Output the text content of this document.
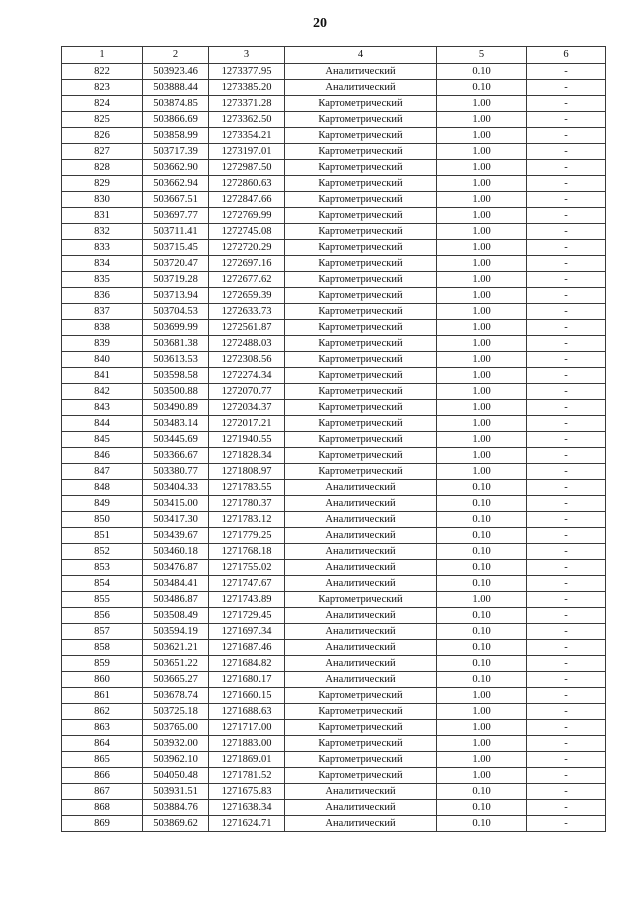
20
1	2	3	4	5	6
822	503923.46	1273377.95	Аналитический	0.10	-
823	503888.44	1273385.20	Аналитический	0.10	-
824	503874.85	1273371.28	Картометрический	1.00	-
825	503866.69	1273362.50	Картометрический	1.00	-
826	503858.99	1273354.21	Картометрический	1.00	-
827	503717.39	1273197.01	Картометрический	1.00	-
828	503662.90	1272987.50	Картометрический	1.00	-
829	503662.94	1272860.63	Картометрический	1.00	-
830	503667.51	1272847.66	Картометрический	1.00	-
831	503697.77	1272769.99	Картометрический	1.00	-
832	503711.41	1272745.08	Картометрический	1.00	-
833	503715.45	1272720.29	Картометрический	1.00	-
834	503720.47	1272697.16	Картометрический	1.00	-
835	503719.28	1272677.62	Картометрический	1.00	-
836	503713.94	1272659.39	Картометрический	1.00	-
837	503704.53	1272633.73	Картометрический	1.00	-
838	503699.99	1272561.87	Картометрический	1.00	-
839	503681.38	1272488.03	Картометрический	1.00	-
840	503613.53	1272308.56	Картометрический	1.00	-
841	503598.58	1272274.34	Картометрический	1.00	-
842	503500.88	1272070.77	Картометрический	1.00	-
843	503490.89	1272034.37	Картометрический	1.00	-
844	503483.14	1272017.21	Картометрический	1.00	-
845	503445.69	1271940.55	Картометрический	1.00	-
846	503366.67	1271828.34	Картометрический	1.00	-
847	503380.77	1271808.97	Картометрический	1.00	-
848	503404.33	1271783.55	Аналитический	0.10	-
849	503415.00	1271780.37	Аналитический	0.10	-
850	503417.30	1271783.12	Аналитический	0.10	-
851	503439.67	1271779.25	Аналитический	0.10	-
852	503460.18	1271768.18	Аналитический	0.10	-
853	503476.87	1271755.02	Аналитический	0.10	-
854	503484.41	1271747.67	Аналитический	0.10	-
855	503486.87	1271743.89	Картометрический	1.00	-
856	503508.49	1271729.45	Аналитический	0.10	-
857	503594.19	1271697.34	Аналитический	0.10	-
858	503621.21	1271687.46	Аналитический	0.10	-
859	503651.22	1271684.82	Аналитический	0.10	-
860	503665.27	1271680.17	Аналитический	0.10	-
861	503678.74	1271660.15	Картометрический	1.00	-
862	503725.18	1271688.63	Картометрический	1.00	-
863	503765.00	1271717.00	Картометрический	1.00	-
864	503932.00	1271883.00	Картометрический	1.00	-
865	503962.10	1271869.01	Картометрический	1.00	-
866	504050.48	1271781.52	Картометрический	1.00	-
867	503931.51	1271675.83	Аналитический	0.10	-
868	503884.76	1271638.34	Аналитический	0.10	-
869	503869.62	1271624.71	Аналитический	0.10	-
